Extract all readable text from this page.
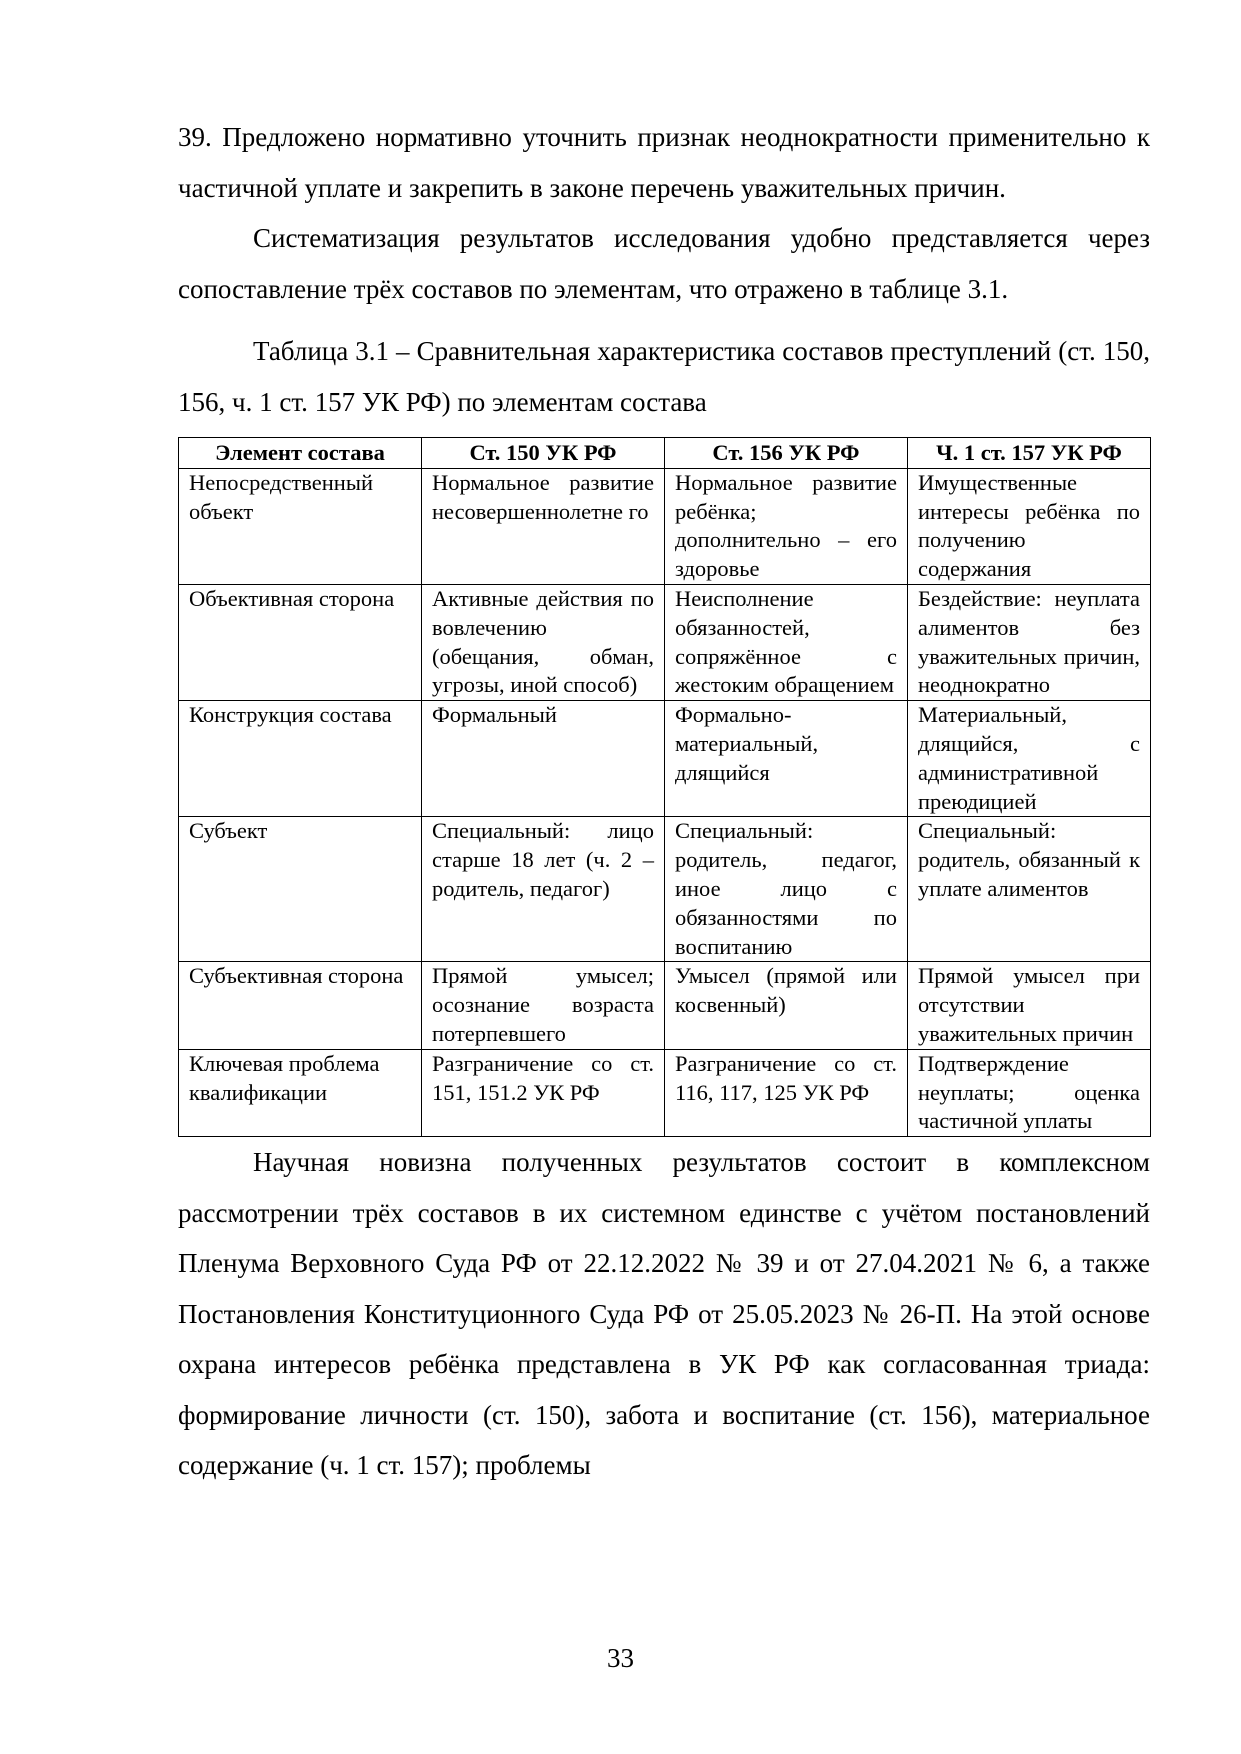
39. Предложено нормативно уточнить признак неоднократности применительно к частичной уплате и закрепить в законе перечень уважительных причин.

Систематизация результатов исследования удобно представляется через сопоставление трёх составов по элементам, что отражено в таблице 3.1.

Таблица 3.1 – Сравнительная характеристика составов преступлений (ст. 150, 156, ч. 1 ст. 157 УК РФ) по элементам состава

Элемент состава	Ст. 150 УК РФ	Ст. 156 УК РФ	Ч. 1 ст. 157 УК РФ
Непосредственный объект	Нормальное развитие несовершеннолетне го	Нормальное развитие ребёнка; дополнительно – его здоровье	Имущественные интересы ребёнка по получению содержания
Объективная сторона	Активные действия по вовлечению (обещания, обман, угрозы, иной способ)	Неисполнение обязанностей, сопряжённое с жестоким обращением	Бездействие: неуплата алиментов без уважительных причин, неоднократно
Конструкция состава	Формальный	Формально-материальный, длящийся	Материальный, длящийся, с административной преюдицией
Субъект	Специальный: лицо старше 18 лет (ч. 2 – родитель, педагог)	Специальный: родитель, педагог, иное лицо с обязанностями по воспитанию	Специальный: родитель, обязанный к уплате алиментов
Субъективная сторона	Прямой умысел; осознание возраста потерпевшего	Умысел (прямой или косвенный)	Прямой умысел при отсутствии уважительных причин
Ключевая проблема квалификации	Разграничение со ст. 151, 151.2 УК РФ	Разграничение со ст. 116, 117, 125 УК РФ	Подтверждение неуплаты; оценка частичной уплаты

Научная новизна полученных результатов состоит в комплексном рассмотрении трёх составов в их системном единстве с учётом постановлений Пленума Верховного Суда РФ от 22.12.2022 № 39 и от 27.04.2021 № 6, а также Постановления Конституционного Суда РФ от 25.05.2023 № 26-П. На этой основе охрана интересов ребёнка представлена в УК РФ как согласованная триада: формирование личности (ст. 150), забота и воспитание (ст. 156), материальное содержание (ч. 1 ст. 157); проблемы

33
